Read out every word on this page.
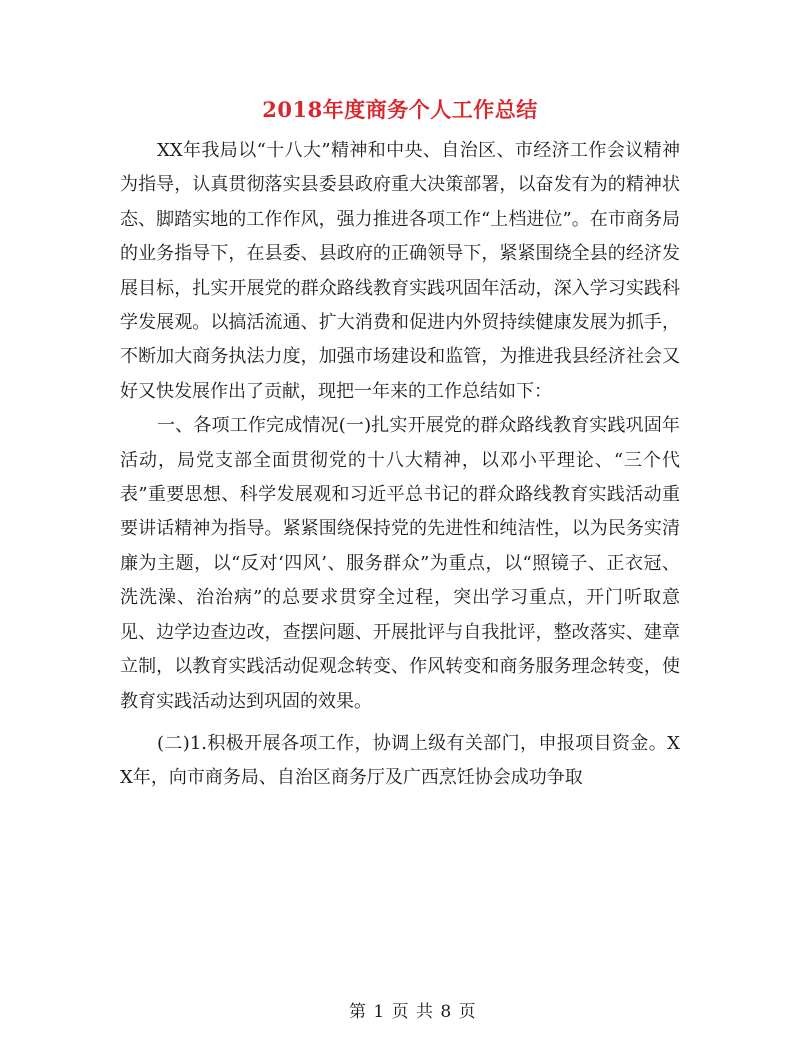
2018年度商务个人工作总结

XX年我局以“十八大”精神和中央、自治区、市经济工作会议精神为指导，认真贯彻落实县委县政府重大决策部署，以奋发有为的精神状态、脚踏实地的工作作风，强力推进各项工作“上档进位”。在市商务局的业务指导下，在县委、县政府的正确领导下，紧紧围绕全县的经济发展目标，扎实开展党的群众路线教育实践巩固年活动，深入学习实践科学发展观。以搞活流通、扩大消费和促进内外贸持续健康发展为抓手，不断加大商务执法力度，加强市场建设和监管，为推进我县经济社会又好又快发展作出了贡献，现把一年来的工作总结如下：

一、各项工作完成情况(一)扎实开展党的群众路线教育实践巩固年活动，局党支部全面贯彻党的十八大精神，以邓小平理论、“三个代表”重要思想、科学发展观和习近平总书记的群众路线教育实践活动重要讲话精神为指导。紧紧围绕保持党的先进性和纯洁性，以为民务实清廉为主题，以“反对‘四风’、服务群众”为重点，以“照镜子、正衣冠、洗洗澡、治治病”的总要求贯穿全过程，突出学习重点，开门听取意见、边学边查边改，查摆问题、开展批评与自我批评，整改落实、建章立制，以教育实践活动促观念转变、作风转变和商务服务理念转变，使教育实践活动达到巩固的效果。

(二)1.积极开展各项工作，协调上级有关部门，申报项目资金。XX年，向市商务局、自治区商务厅及广西烹饪协会成功争取

第 1 页 共 8 页
